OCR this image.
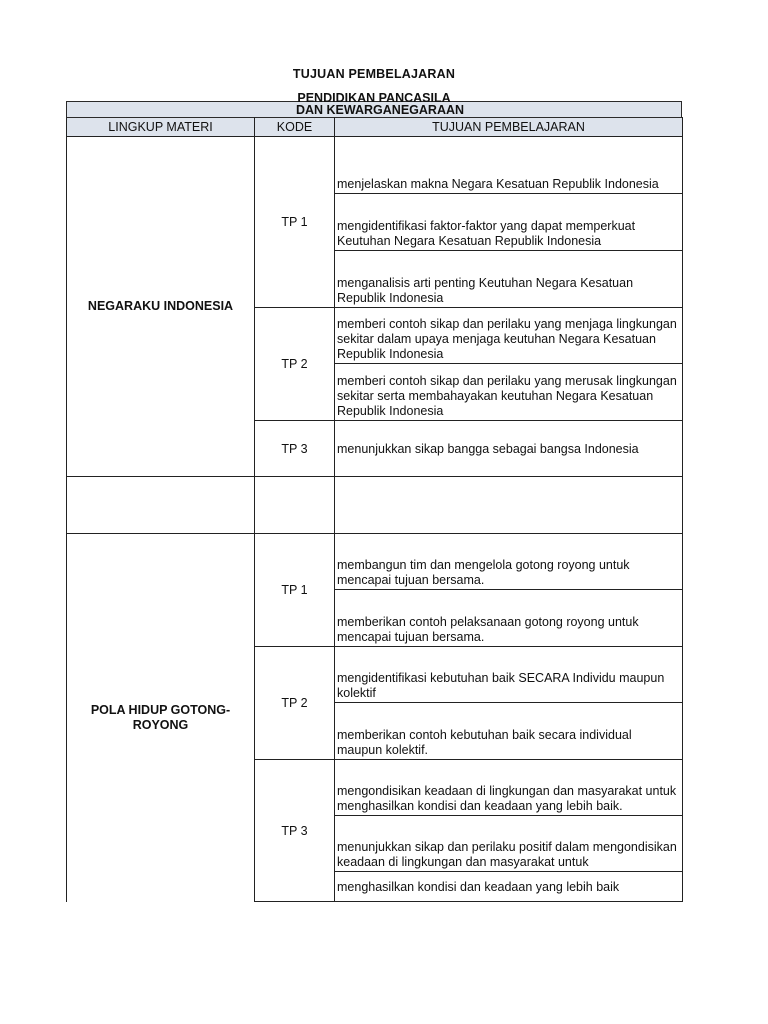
TUJUAN PEMBELAJARAN
PENDIDIKAN PANCASILA
DAN KEWARGANEGARAAN
LINGKUP MATERI	KODE	TUJUAN PEMBELAJARAN
NEGARAKU INDONESIA	TP 1	menjelaskan makna Negara Kesatuan Republik Indonesia
		mengidentifikasi faktor-faktor yang dapat memperkuat Keutuhan Negara Kesatuan Republik Indonesia
		menganalisis arti penting Keutuhan Negara Kesatuan Republik Indonesia
	TP 2	memberi contoh sikap dan perilaku yang menjaga lingkungan sekitar dalam upaya menjaga keutuhan Negara Kesatuan Republik Indonesia
		memberi contoh sikap dan perilaku yang merusak lingkungan sekitar serta membahayakan keutuhan Negara Kesatuan Republik Indonesia
	TP 3	menunjukkan sikap bangga sebagai bangsa Indonesia

POLA HIDUP GOTONG-ROYONG	TP 1	membangun tim dan mengelola gotong royong untuk mencapai tujuan bersama.
		memberikan contoh pelaksanaan gotong royong untuk mencapai tujuan bersama.
	TP 2	mengidentifikasi kebutuhan baik SECARA Individu maupun kolektif
		memberikan contoh kebutuhan baik secara individual maupun kolektif.
	TP 3	mengondisikan keadaan di lingkungan dan masyarakat untuk menghasilkan kondisi dan keadaan yang lebih baik.
		menunjukkan sikap dan perilaku positif dalam mengondisikan keadaan di lingkungan dan masyarakat untuk
		menghasilkan kondisi dan keadaan yang lebih baik
